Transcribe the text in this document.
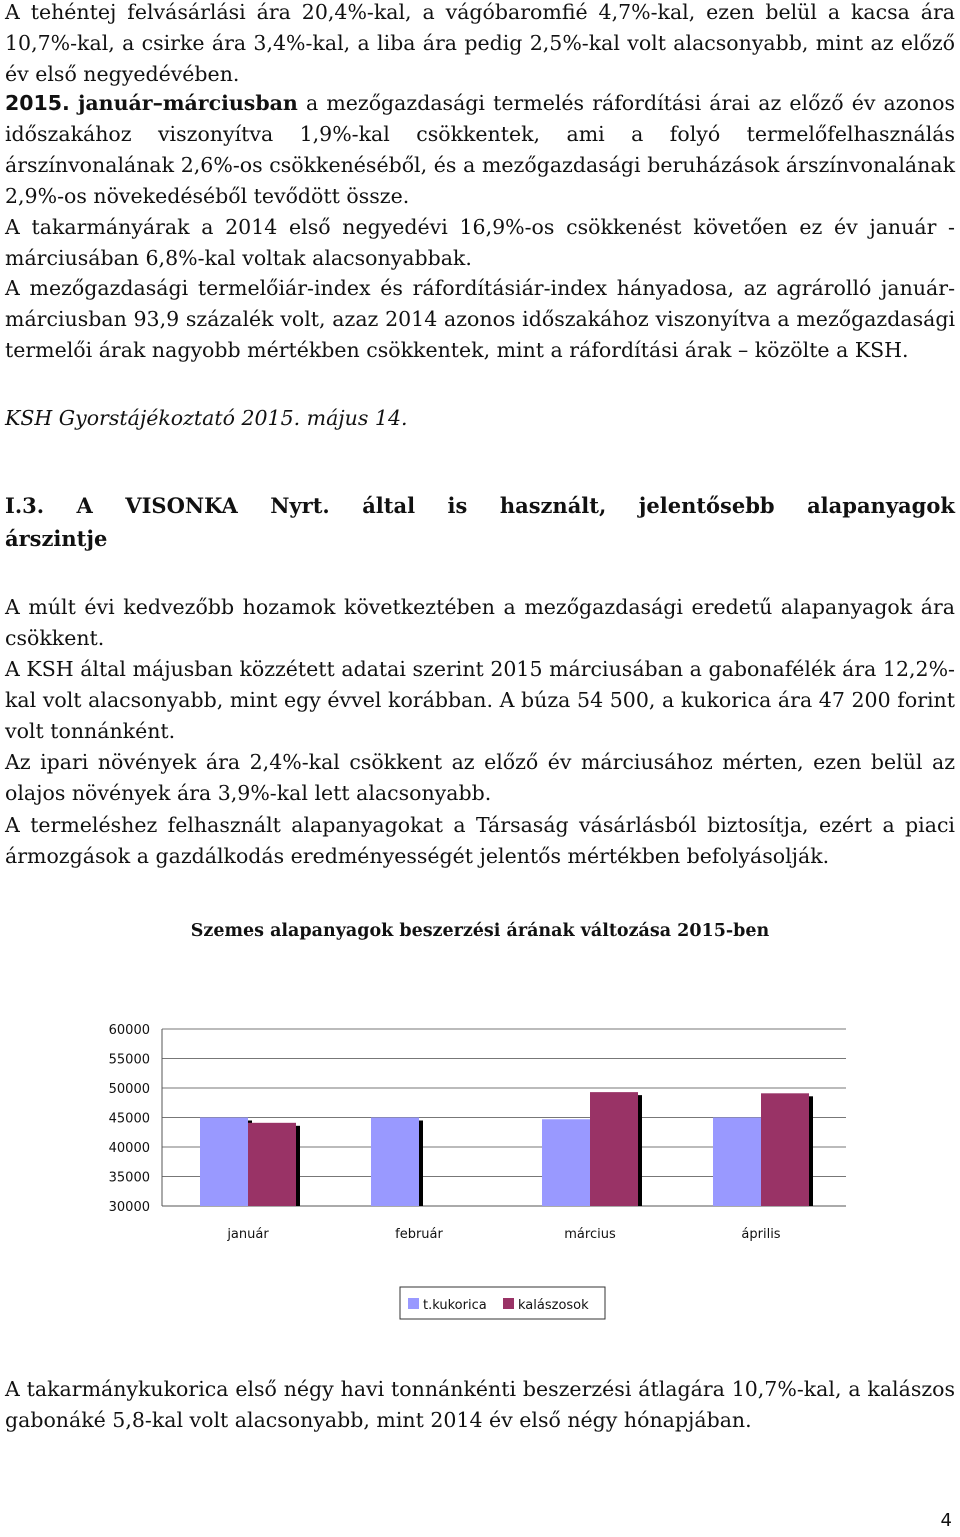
A tehéntej felvásárlási ára 20,4%-kal, a vágóbaromfié 4,7%-kal, ezen belül a kacsa ára 10,7%-kal, a csirke ára 3,4%-kal, a liba ára pedig 2,5%-kal volt alacsonyabb, mint az előző év első negyedévében.

2015. január–márciusban a mezőgazdasági termelés ráfordítási árai az előző év azonos időszakához viszonyítva 1,9%-kal csökkentek, ami a folyó termelőfelhasználás árszínvonalának 2,6%-os csökkenéséből, és a mezőgazdasági beruházások árszínvonalának 2,9%-os növekedéséből tevődött össze.

A takarmányárak a 2014 első negyedévi 16,9%-os csökkenést követően ez év január - márciusában 6,8%-kal voltak alacsonyabbak.

A mezőgazdasági termelőiár-index és ráfordításiár-index hányadosa, az agrárolló január-márciusban 93,9 százalék volt, azaz 2014 azonos időszakához viszonyítva a mezőgazdasági termelői árak nagyobb mértékben csökkentek, mint a ráfordítási árak – közölte a KSH.

KSH Gyorstájékoztató 2015. május 14.

I.3. A VISONKA Nyrt. által is használt, jelentősebb alapanyagok
árszintje

A múlt évi kedvezőbb hozamok következtében a mezőgazdasági eredetű alapanyagok ára csökkent.

A KSH által májusban közzétett adatai szerint 2015 márciusában a gabonafélék ára 12,2%-kal volt alacsonyabb, mint egy évvel korábban. A búza 54 500, a kukorica ára 47 200 forint volt tonnánként.

Az ipari növények ára 2,4%-kal csökkent az előző év márciusához mérten, ezen belül az olajos növények ára 3,9%-kal lett alacsonyabb.

A termeléshez felhasznált alapanyagokat a Társaság vásárlásból biztosítja, ezért a piaci ármozgások a gazdálkodás eredményességét jelentős mértékben befolyásolják.

Szemes alapanyagok beszerzési árának változása 2015-ben
60000
55000
50000
45000
40000
35000
30000
január	február	március	április
t.kukorica kalászosok

A takarmánykukorica első négy havi tonnánkénti beszerzési átlagára 10,7%-kal, a kalászos gabonáké 5,8-kal volt alacsonyabb, mint 2014 év első négy hónapjában.

4
